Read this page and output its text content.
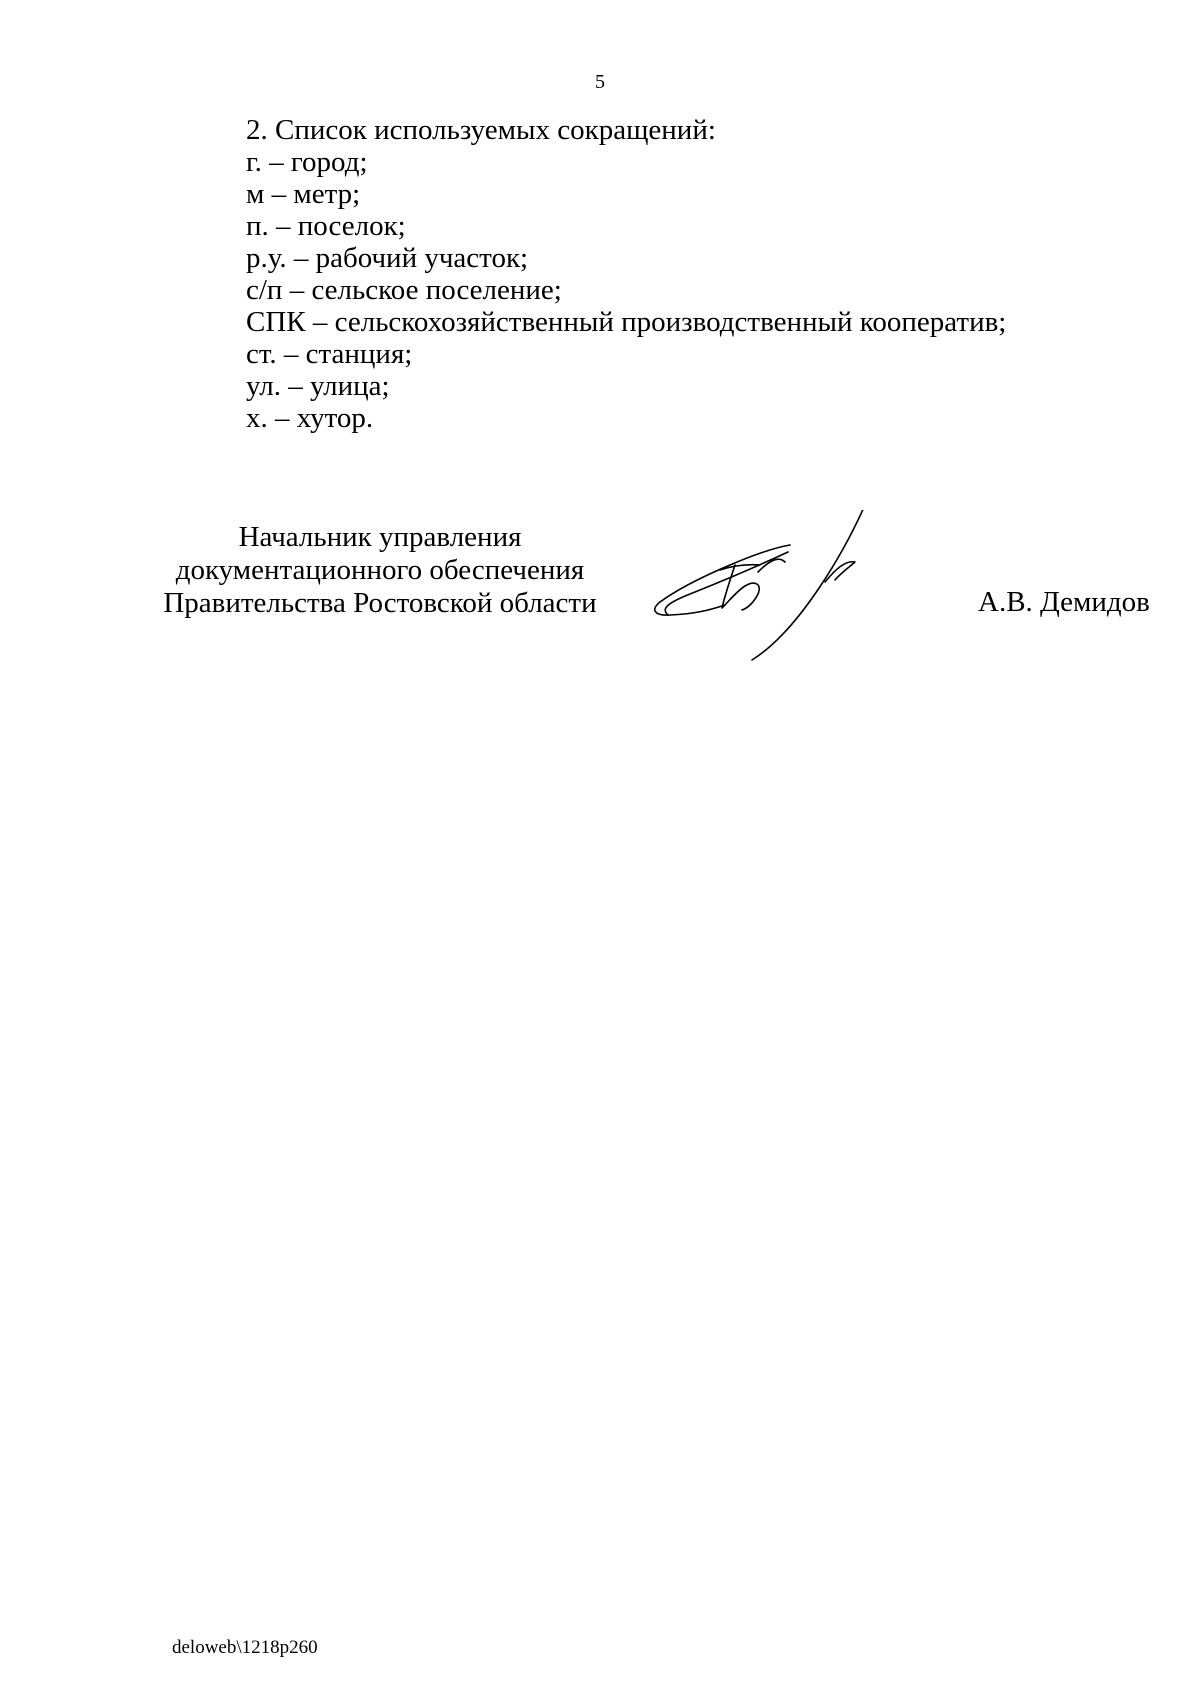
5
2. Список используемых сокращений:
г. – город;
м – метр;
п. – поселок;
р.у. – рабочий участок;
с/п – сельское поселение;
СПК – сельскохозяйственный производственный кооператив;
ст. – станция;
ул. – улица;
х. – хутор.
Начальник управления
документационного обеспечения
Правительства Ростовской области	А.В. Демидов
deloweb\1218p260
